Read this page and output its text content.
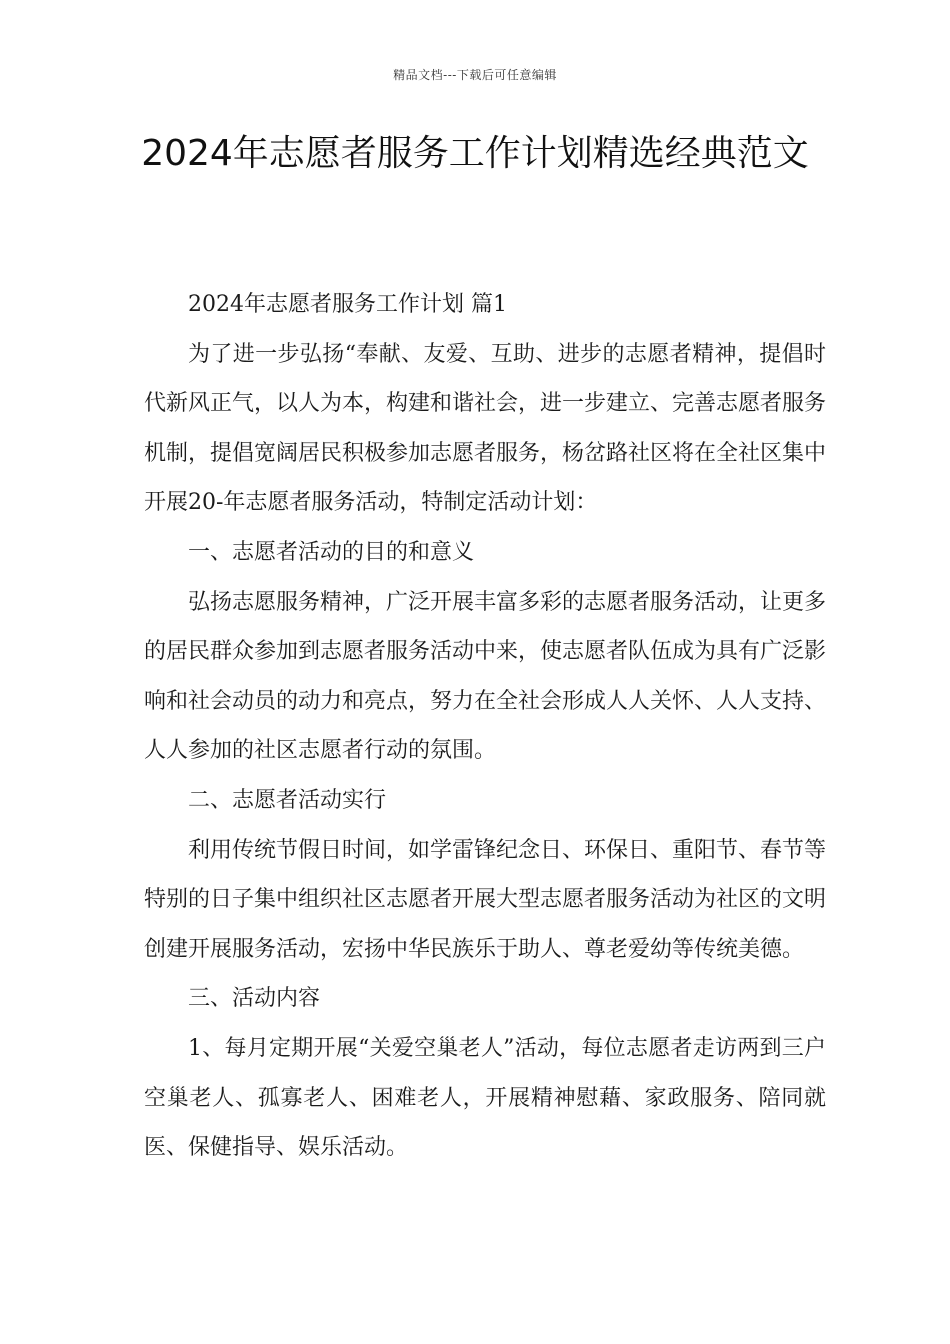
精品文档---下载后可任意编辑
2024年志愿者服务工作计划精选经典范文

2024年志愿者服务工作计划 篇1

为了进一步弘扬“奉献、友爱、互助、进步的志愿者精神，提倡时代新风正气，以人为本，构建和谐社会，进一步建立、完善志愿者服务机制，提倡宽阔居民积极参加志愿者服务，杨岔路社区将在全社区集中开展20-年志愿者服务活动，特制定活动计划：

一、志愿者活动的目的和意义

弘扬志愿服务精神，广泛开展丰富多彩的志愿者服务活动，让更多的居民群众参加到志愿者服务活动中来，使志愿者队伍成为具有广泛影响和社会动员的动力和亮点，努力在全社会形成人人关怀、人人支持、人人参加的社区志愿者行动的氛围。

二、志愿者活动实行

利用传统节假日时间，如学雷锋纪念日、环保日、重阳节、春节等特别的日子集中组织社区志愿者开展大型志愿者服务活动为社区的文明创建开展服务活动，宏扬中华民族乐于助人、尊老爱幼等传统美德。

三、活动内容

1、每月定期开展“关爱空巢老人”活动，每位志愿者走访两到三户空巢老人、孤寡老人、困难老人，开展精神慰藉、家政服务、陪同就医、保健指导、娱乐活动。
